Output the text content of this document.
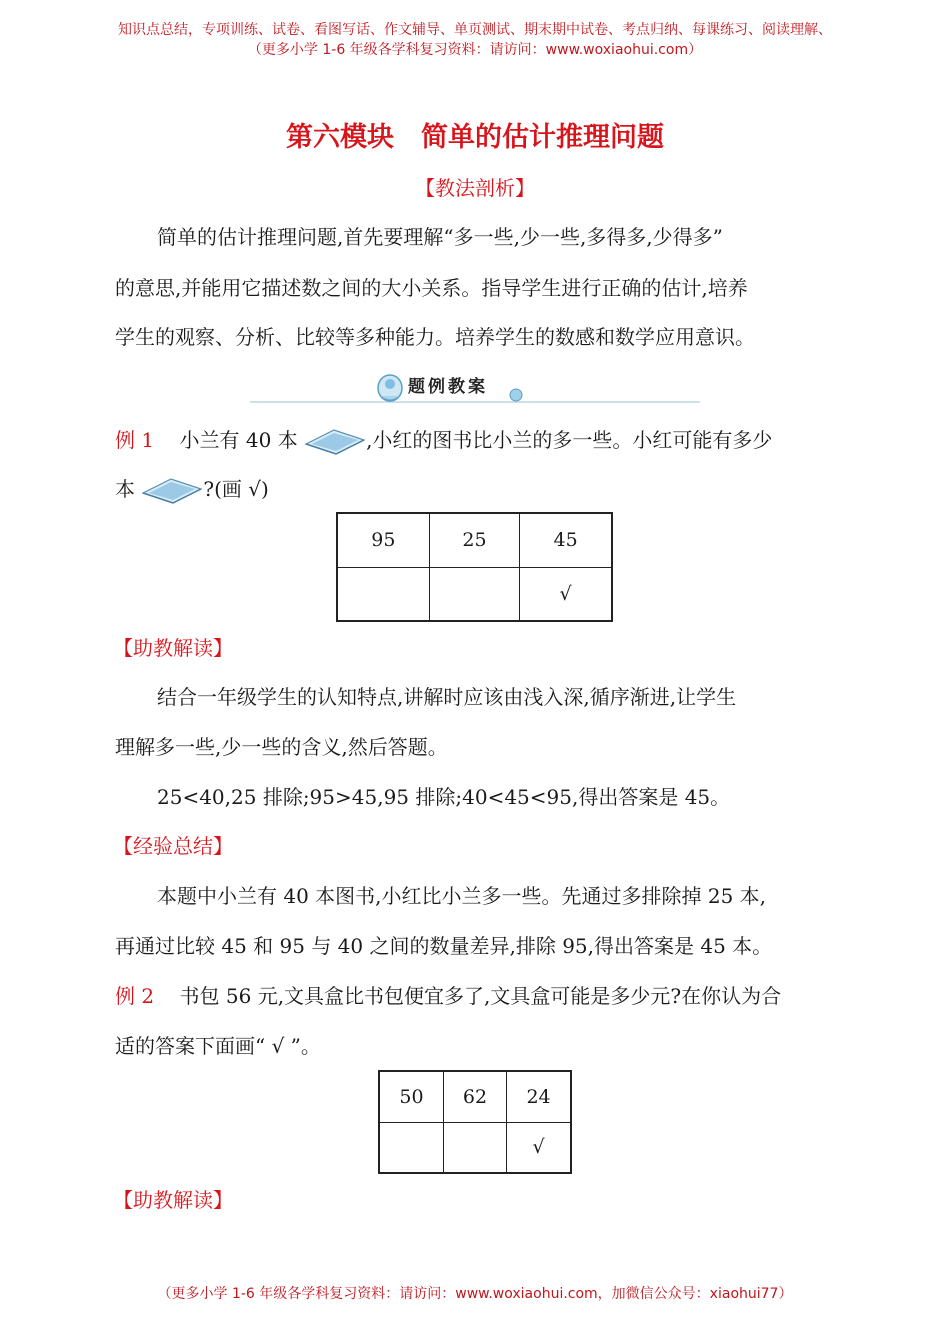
知识点总结，专项训练、试卷、看图写话、作文辅导、单页测试、期末期中试卷、考点归纳、每课练习、阅读理解、
（更多小学 1-6 年级各学科复习资料：请访问：www.woxiaohui.com）
第六模块　简单的估计推理问题
【教法剖析】
简单的估计推理问题,首先要理解“多一些,少一些,多得多,少得多”
的意思,并能用它描述数之间的大小关系。指导学生进行正确的估计,培养
学生的观察、分析、比较等多种能力。培养学生的数感和数学应用意识。
题例教案
例 1 小兰有 40 本	,小红的图书比小兰的多一些。小红可能有多少
本	?(画 √)
95	25	45
		√
【助教解读】
结合一年级学生的认知特点,讲解时应该由浅入深,循序渐进,让学生
理解多一些,少一些的含义,然后答题。
25<40,25 排除;95>45,95 排除;40<45<95,得出答案是 45。
【经验总结】
本题中小兰有 40 本图书,小红比小兰多一些。先通过多排除掉 25 本,
再通过比较 45 和 95 与 40 之间的数量差异,排除 95,得出答案是 45 本。
例 2 书包 56 元,文具盒比书包便宜多了,文具盒可能是多少元?在你认为合
适的答案下面画“ √ ”。
50	62	24
		√
【助教解读】
（更多小学 1-6 年级各学科复习资料：请访问：www.woxiaohui.com，加微信公众号：xiaohui77）
